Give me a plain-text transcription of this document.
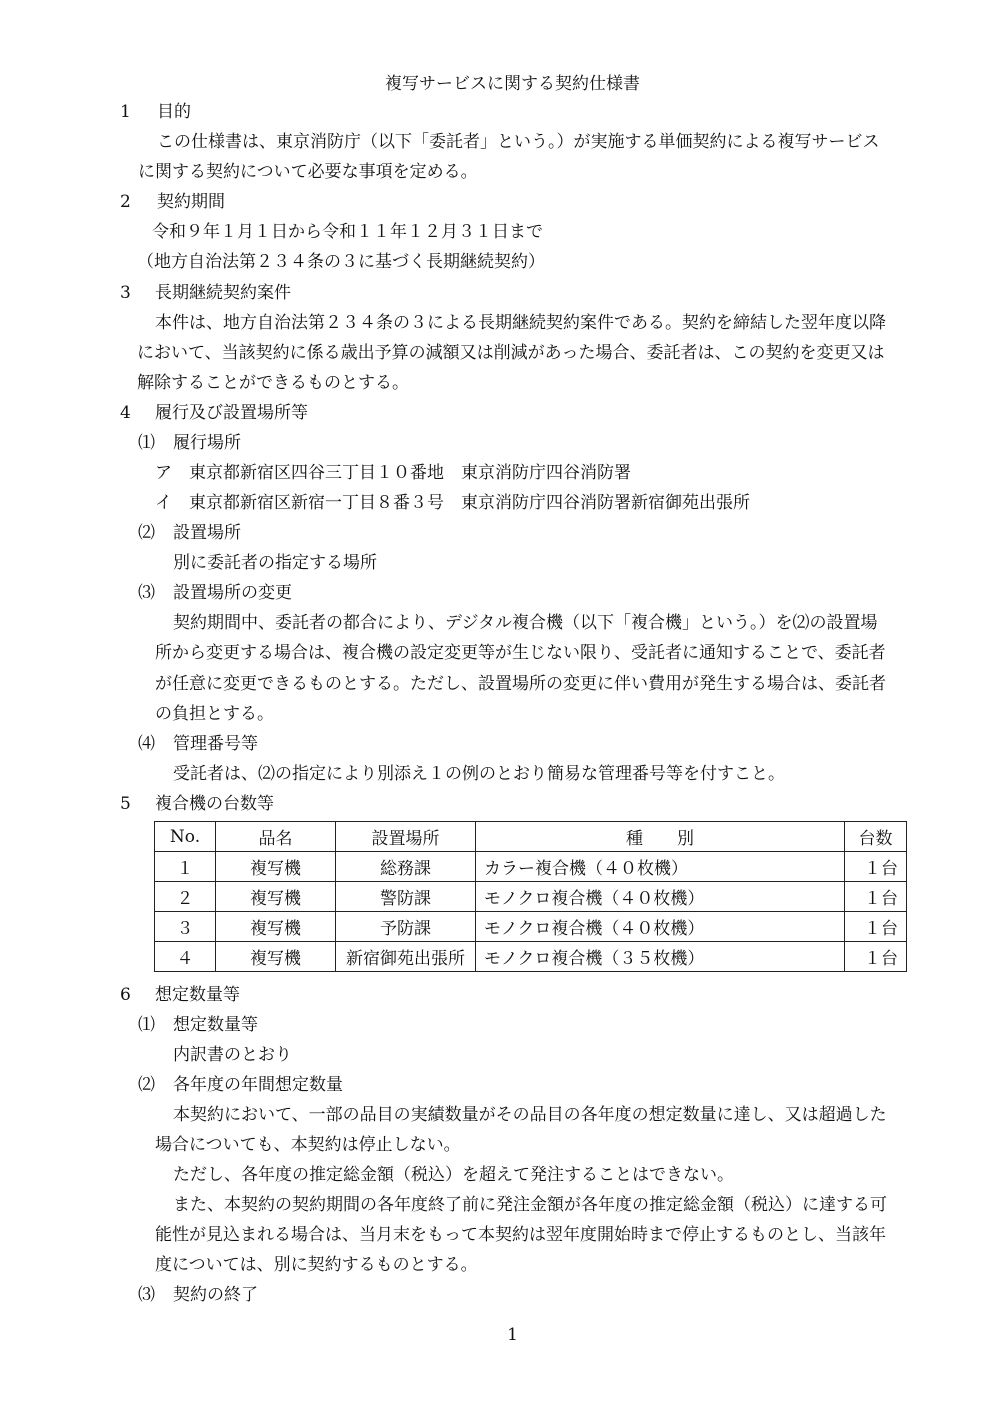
複写サービスに関する契約仕様書
1 目的
この仕様書は、東京消防庁（以下「委託者」という。）が実施する単価契約による複写サービス
に関する契約について必要な事項を定める。
2 契約期間
令和９年１月１日から令和１１年１２月３１日まで
（地方自治法第２３４条の３に基づく長期継続契約）
3 長期継続契約案件
本件は、地方自治法第２３４条の３による長期継続契約案件である。契約を締結した翌年度以降
において、当該契約に係る歳出予算の減額又は削減があった場合、委託者は、この契約を変更又は
解除することができるものとする。
4 履行及び設置場所等
⑴ 履行場所
ア　東京都新宿区四谷三丁目１０番地　東京消防庁四谷消防署
イ　東京都新宿区新宿一丁目８番３号　東京消防庁四谷消防署新宿御苑出張所
⑵ 設置場所
別に委託者の指定する場所
⑶ 設置場所の変更
契約期間中、委託者の都合により、デジタル複合機（以下「複合機」という。）を⑵の設置場
所から変更する場合は、複合機の設定変更等が生じない限り、受託者に通知することで、委託者
が任意に変更できるものとする。ただし、設置場所の変更に伴い費用が発生する場合は、委託者
の負担とする。
⑷ 管理番号等
受託者は、⑵の指定により別添え１の例のとおり簡易な管理番号等を付すこと。
5 複合機の台数等
No.	品名	設置場所	種　　別	台数
１	複写機	総務課	カラー複合機（４０枚機）	１台
２	複写機	警防課	モノクロ複合機（４０枚機）	１台
３	複写機	予防課	モノクロ複合機（４０枚機）	１台
４	複写機	新宿御苑出張所	モノクロ複合機（３５枚機）	１台
6 想定数量等
⑴ 想定数量等
内訳書のとおり
⑵ 各年度の年間想定数量
本契約において、一部の品目の実績数量がその品目の各年度の想定数量に達し、又は超過した
場合についても、本契約は停止しない。
ただし、各年度の推定総金額（税込）を超えて発注することはできない。
また、本契約の契約期間の各年度終了前に発注金額が各年度の推定総金額（税込）に達する可
能性が見込まれる場合は、当月末をもって本契約は翌年度開始時まで停止するものとし、当該年
度については、別に契約するものとする。
⑶ 契約の終了
1
